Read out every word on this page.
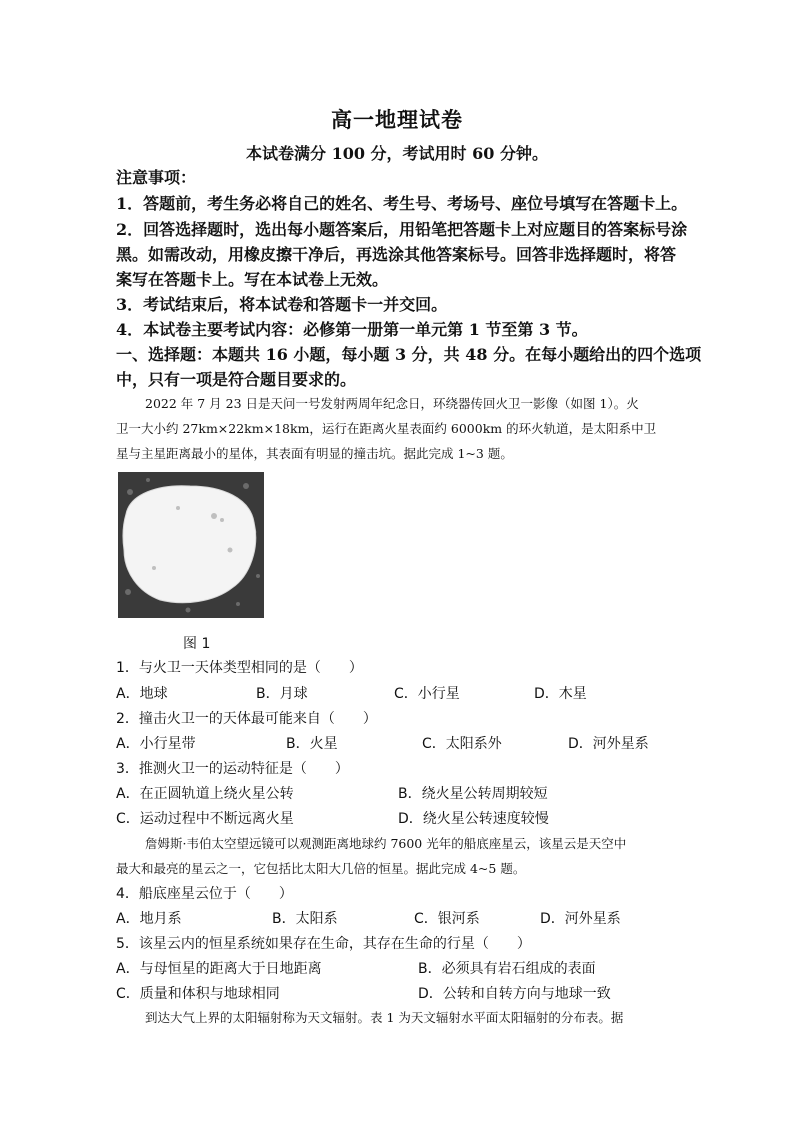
高一地理试卷
本试卷满分 100 分，考试用时 60 分钟。
注意事项：
1．答题前，考生务必将自己的姓名、考生号、考场号、座位号填写在答题卡上。
2．回答选择题时，选出每小题答案后，用铅笔把答题卡上对应题目的答案标号涂
黑。如需改动，用橡皮擦干净后，再选涂其他答案标号。回答非选择题时，将答
案写在答题卡上。写在本试卷上无效。
3．考试结束后，将本试卷和答题卡一并交回。
4．本试卷主要考试内容：必修第一册第一单元第 1 节至第 3 节。
一、选择题：本题共 16 小题，每小题 3 分，共 48 分。在每小题给出的四个选项
中，只有一项是符合题目要求的。
2022 年 7 月 23 日是天问一号发射两周年纪念日，环绕器传回火卫一影像（如图 1）。火
卫一大小约 27km×22km×18km，运行在距离火星表面约 6000km 的环火轨道，是太阳系中卫
星与主星距离最小的星体，其表面有明显的撞击坑。据此完成 1~3 题。
图 1
1．与火卫一天体类型相同的是（　　）
A．地球	B．月球	C．小行星	D．木星
2．撞击火卫一的天体最可能来自（　　）
A．小行星带	B．火星	C．太阳系外	D．河外星系
3．推测火卫一的运动特征是（　　）
A．在正圆轨道上绕火星公转	B．绕火星公转周期较短
C．运动过程中不断远离火星	D．绕火星公转速度较慢
詹姆斯·韦伯太空望远镜可以观测距离地球约 7600 光年的船底座星云，该星云是天空中
最大和最亮的星云之一，它包括比太阳大几倍的恒星。据此完成 4~5 题。
4．船底座星云位于（　　）
A．地月系	B．太阳系	C．银河系	D．河外星系
5．该星云内的恒星系统如果存在生命，其存在生命的行星（　　）
A．与母恒星的距离大于日地距离	B．必须具有岩石组成的表面
C．质量和体积与地球相同	D．公转和自转方向与地球一致
到达大气上界的太阳辐射称为天文辐射。表 1 为天文辐射水平面太阳辐射的分布表。据
